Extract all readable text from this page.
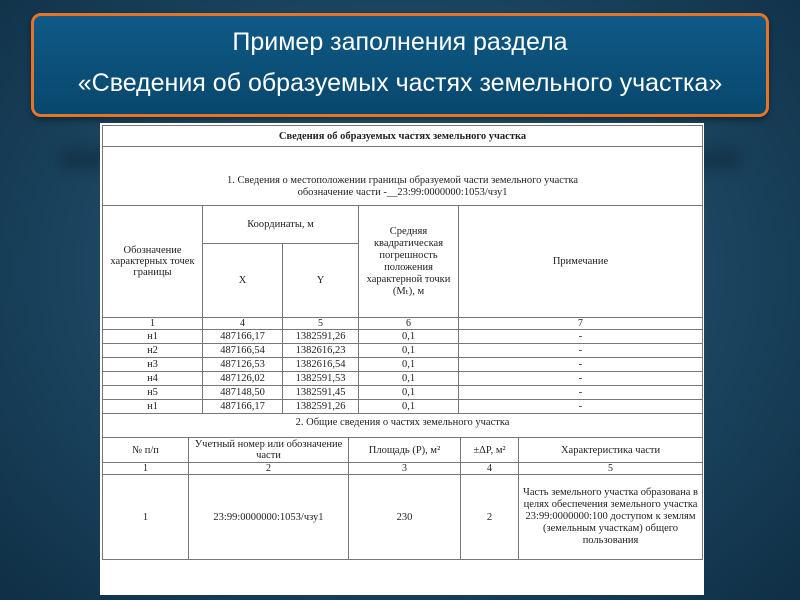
Пример заполнения раздела
«Сведения об образуемых частях земельного участка»
Сведения об образуемых частях земельного участка				
1. Сведения о местоположении границы образуемой части земельного участка
обозначение части -__23:99:0000000:1053/чзу1				
Обозначение характерных точек границы	Координаты, м		Средняя квадратическая погрешность положения характерной точки (Mₜ), м	Примечание
	X	Y		
1	4	5	6	7
н1	487166,17	1382591,26	0,1	-
н2	487166,54	1382616,23	0,1	-
н3	487126,53	1382616,54	0,1	-
н4	487126,02	1382591,53	0,1	-
н5	487148,50	1382591,45	0,1	-
н1	487166,17	1382591,26	0,1	-
2. Общие сведения о частях земельного участка				
№ п/п	Учетный номер или обозначение части	Площадь (P), м²	±ΔP, м²	Характеристика части
1	2	3	4	5
1	23:99:0000000:1053/чзу1	230	2	Часть земельного участка образована в целях обеспечения земельного участка 23:99:0000000:100 доступом к землям (земельным участкам) общего пользования
